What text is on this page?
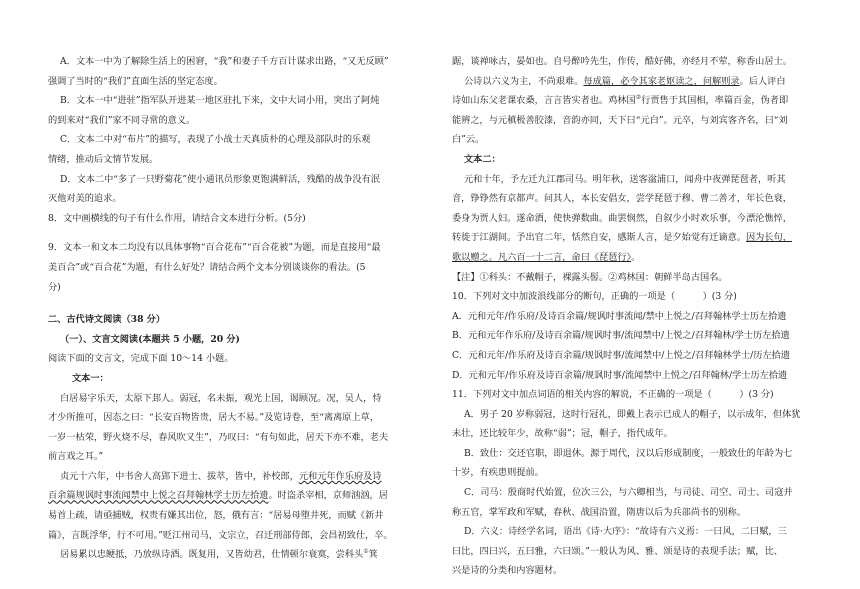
A．文本一中为了解除生活上的困窘，“我”和妻子千方百计谋求出路，“又无反顾”
强调了当时的“我们”直面生活的坚定态度。
B．文本一中“进驻”指军队开进某一地区驻扎下来，文中大词小用，突出了阿炖
的到来对“我们”家不同寻常的意义。
C．文本二中对“布片”的描写，表现了小战士天真质朴的心理及部队时的乐观
情绪，推动后文情节发展。
D．文本二中“多了一只野菊花”使小通讯员形象更饱满鲜活，残酷的战争没有泯
灭他对美的追求。
8．文中画横线的句子有什么作用，请结合文本进行分析。(5分)
9．文本一和文本二均没有以具体事物“百合花布”“百合花被”为题，而是直接用“最
美百合”或“百合花”为题，有什么好处？请结合两个文本分别谈谈你的看法。(5
分)
二、古代诗文阅读（38 分）
（一）、文言文阅读(本题共 5 小题，20 分)
阅读下面的文言文，完成下面 10～14 小题。
文本一：
白居易字乐天，太原下邽人。弱冠，名未振，观光上国，谒顾况。况，吴人，恃
才少所推可，因态之曰：“长安百物皆贵，居大不易。”及览诗卷，至“离离原上草，
一岁一枯荣，野火烧不尽，春风吹又生”，乃叹曰：“有句如此，居天下亦不难，老夫
前言戏之耳。”
贞元十六年，中书舍人高郢下进士、拔萃，皆中，补校郎，元和元年作乐府及诗
百余篇规讽时事流闻禁中上悦之召拜翰林学士历左拾遗。时盗杀宰相，京师汹汹，居
易首上疏，请亟捕贼，权贵有嫌其出位，怒，俄有言：“居易母堕井死，而赋《新井
篇》，言既浮华，行不可用。”贬江州司马，文宗立，召迁刑部侍郎，会昌初致仕，卒。
居易累以忠鲠抵，乃放纵诗酒。既复用，又皆幼君，仕情顿尔衰寞，尝科头①箕
踞，谈禅咏古，晏如也。自号醉吟先生，作传，酷好佛，亦经月不荤，称香山居士。
公诗以六义为主，不尚艰难。每成篇，必令其家老妪读之，问解则录。后人评白
诗如山东父老课农桑，言言皆实者也。鸡林国②行贾售于其国相，率篇百金，伪者即
能辨之，与元稹极善胶漆，音韵亦同，天下曰“元白”。元卒，与刘宾客齐名，曰“刘
白”云。
文本二：
元和十年，予左迁九江郡司马。明年秋，送客湓浦口，闻舟中夜弹琵琶者，听其
音，铮铮然有京都声。问其人，本长安倡女，尝学琵琶于穆、曹二善才，年长色衰，
委身为贾人妇。遂命酒，使快弹数曲。曲罢悯然，自叙少小时欢乐事，今漂沦憔悴，
转徙于江湖间。予出官二年，恬然自安，感斯人言，是夕始觉有迁谪意。因为长句，
歌以赠之。凡六百一十二言，命曰《琵琶行》。
【注】①科头：不戴帽子，裸露头髻。②鸡林国：朝鲜半岛古国名。
10．下列对文中加波浪线部分的断句，正确的一项是（　　　）(3 分)
A．元和元年/作乐府/及诗百余篇/规讽时事流闻/禁中上悦之/召拜翰林学士历左拾遗
B．元和元年作乐府/及诗百余篇/规讽时事/流闻禁中/上悦之/召拜翰林/学士历左拾遗
C．元和元年/作乐府及诗百余篇/规讽时事/流闻禁中/上悦之/召拜翰林学士/历左拾遗
D．元和元年/作乐府及诗百余篇/规讽时事/流闻禁中上悦之/召拜翰林/学士历左拾遗
11．下列对文中加点词语的相关内容的解说，不正确的一项是（　　　）(3 分)
A．男子 20 岁称弱冠，这时行冠礼，即戴上表示已成人的帽子，以示成年，但体犹
未壮，还比较年少，故称“弱”；冠，帽子，指代成年。
B．致仕：交还官职，即退休。源于周代，汉以后形成制度，一般致仕的年龄为七
十岁，有疾患则提前。
C．司马：殷商时代始置，位次三公，与六卿相当，与司徒、司空、司士、司寇并
称五官，掌军政和军赋，春秋、战国沿置，隋唐以后为兵部尚书的别称。
D．六义：诗经学名词，语出《诗·大序》：“故诗有六义焉：一曰风，二曰赋，三
曰比，四曰兴，五曰雅，六曰颂。”一般认为风、雅、颂是诗的表现手法；赋，比、
兴是诗的分类和内容题材。
